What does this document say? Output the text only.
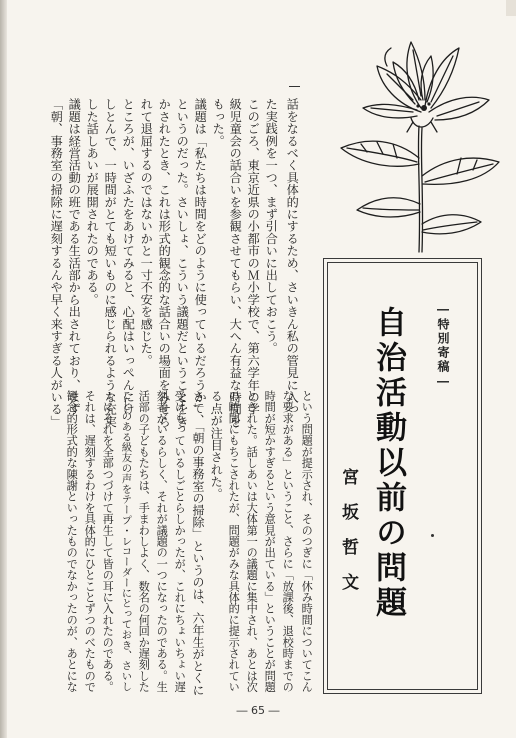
―特別寄稿―
自治活動以前の問題
宮坂哲文
話をなるべく具体的にするため、さいきん私の管見に入っ
た実践例を一つ、まず引合いに出しておこう。
このごろ、東京近県の小都市のＭ小学校で、第六学年の学
級児童会の話合いを参観させてもらい、大へん有益な時間を
もった。
議題は「私たちは時間をどのように使っているだろうか」
というのだった。さいしょ、こういう議題だということをき
かされたとき、これは形式的観念的な話合いの場面をみせら
れて退屈するのではないかと一寸不安を感じた。
ところが、いざふたをあけてみると、心配はいっぺんにけ
しとんで、一時間がとても短いものに感じられるような充実
した話しあいが展開されたのである。
議題は経営活動の班である生活部から出されており、まず
「朝、事務室の掃除に遅刻するんや早く来すぎる人がいる」
という問題が提示され、そのつぎに「休み時間についてこん
な要求がある」ということ、さらに「放課後、退校時までの
時間が短かすぎるという意見が出ている」ということが問題
とされた。話しあいは大体第一の議題に集中され、あとは次
の時間にもちこされたが、問題がみな具体的に提示されてい
る点が注目された。
さて、「朝の事務室の掃除」というのは、六年生がとくに
受けもっているしごとらしかったが、これにちょいちょい遅
刻者がいるらしく、それが議題の一つになったのである。生
活部の子どもたちは、手まわしよく、数名の何回か遅刻した
ことのある級友の声をテープ・レコーダーにとっておき、さいし
ょにそれを全部つづけて再生して皆の耳に入れたのである。
それは、遅刻するわけを具体的にひとことずつのべたもので
観念的形式的な陳謝といったものでなかったのが、あとにな
― 65 ―
